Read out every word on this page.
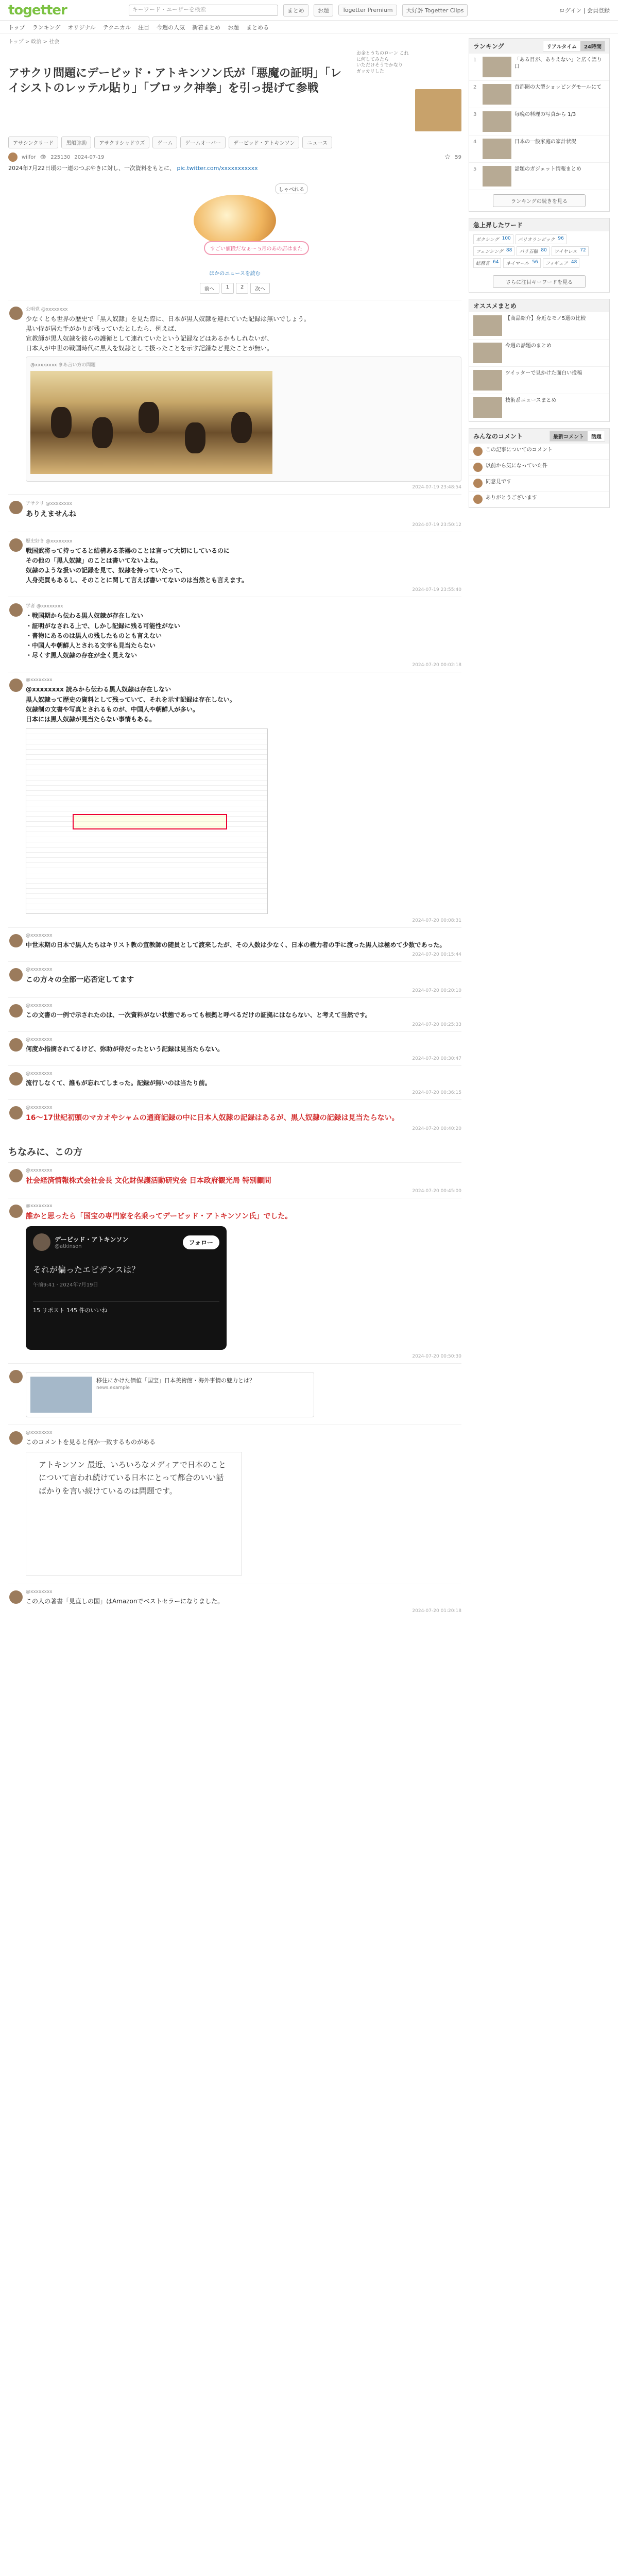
togetter	キーワード・ユーザーを検索	まとめ	お題	Togetter Premium	大好評 Togetter Clips	ログイン | 会員登録
トップ ランキング オリジナル テクニカル 注目 今週の人気 新着まとめ お題 まとめる
トップ > 政治 > 社会
アサクリ問題にデービッド・アトキンソン氏が「悪魔の証明」「レイシストのレッテル貼り」「ブロック神拳」を引っ提げて参戦
お金とうちのローン これに何してみたら
いただけそうでかなり
ガッカリした
アサシンクリード	黒船弥助	アサクリシャドウズ	ゲーム	ゲームオーバー	デービッド・アトキンソン	ニュース
wilfor 👁 225130 2024-07-19	☆ 59
2024年7月22日頃の一連のつぶやきに対し、一次資料をもとに、 pic.twitter.com/xxxxxxxxxxx
しゃべれる
すごい値段だなぁ～ 5月のあの店はまた
ほかのニュースを読む
前へ	1	2	次へ
公明党 @xxxxxxxx
少なくとも世界の歴史で「黒人奴隷」を見た際に、日本が黒人奴隷を連れていた記録は無いでしょう。
黒い侍が居た手がかりが残っていたとしたら、例えば、
宣教師が黒人奴隷を彼らの護衛として連れていたという記録などはあるかもしれないが、
日本人が中世の戦国時代に黒人を奴隷として扱ったことを示す記録など見たことが無い。
@xxxxxxxx まあ言い方の問題
2024-07-19 23:48:54
アサクリ @xxxxxxxx
ありえませんね
2024-07-19 23:50:12
歴史好き @xxxxxxxx
戦国武将って持ってると結構ある茶器のことは言って大切にしているのに
その他の「黒人奴隷」のことは書いてないよね。
奴隷のような扱いの記録を見て、奴隷を持っていたって、
人身売買もあるし、そのことに関して言えば書いてないのは当然とも言えます。
2024-07-19 23:55:40
学者 @xxxxxxxx
・戦国期から伝わる黒人奴隷が存在しない
・証明がなされる上で、しかし記録に残る可能性がない
・書物にあるのは黒人の残したものとも言えない
・中国人や朝鮮人とされる文字も見当たらない
・尽くす黒人奴隷の存在が全く見えない
2024-07-20 00:02:18
@xxxxxxxx
@xxxxxxxx 読みから伝わる黒人奴隷は存在しない
黒人奴隷って歴史の資料として残っていて、それを示す記録は存在しない。
奴隷制の文書や写真とされるものが、中国人や朝鮮人が多い。
日本には黒人奴隷が見当たらない事情もある。
2024-07-20 00:08:31
@xxxxxxxx
中世末期の日本で黒人たちはキリスト教の宣教師の随員として渡来したが、その人数は少なく、日本の権力者の手に渡った黒人は極めて少数であった。
2024-07-20 00:15:44
@xxxxxxxx
この方々の全部一応否定してます
2024-07-20 00:20:10
@xxxxxxxx
この文書の一例で示されたのは、一次資料がない状態であっても根拠と呼べるだけの証拠にはならない、と考えて当然です。
2024-07-20 00:25:33
@xxxxxxxx
何度か指摘されてるけど、弥助が侍だったという記録は見当たらない。
2024-07-20 00:30:47
@xxxxxxxx
流行しなくて、誰もが忘れてしまった。記録が無いのは当たり前。
2024-07-20 00:36:15
@xxxxxxxx
16〜17世紀初頭のマカオやシャムの通商記録の中に日本人奴隷の記録はあるが、黒人奴隷の記録は見当たらない。
2024-07-20 00:40:20
ちなみに、この方
@xxxxxxxx
社会経済情報株式会社会長 文化財保護活動研究会 日本政府観光局 特別顧問
2024-07-20 00:45:00
@xxxxxxxx
誰かと思ったら「国宝の専門家を名乗ってデービッド・アトキンソン氏」でした。
デービッド・アトキンソン
@atkinson
フォロー
それが偏ったエビデンスは？
午前9:41 · 2024年7月19日
15 リポスト 145 件のいいね
2024-07-20 00:50:30
移住にかけた価値「国宝」日本美術館・海外事情の魅力とは？
news.example
@xxxxxxxx
このコメントを見ると何か一致するものがある
アトキンソン 最近、いろいろなメディアで日本のことについて言われ続けている日本にとって都合のいい話ばかりを言い続けているのは問題です。
@xxxxxxxx
この人の著書「見直しの国」はAmazonでベストセラーになりました。
2024-07-20 01:20:18
ランキング	リアルタイム	24時間
1	「ある目が、ありえない」と広く語り口
2	首都圏の大型ショッピングモールにて
3	毎晩の料理の写真から 1/3
4	日本の一般家庭の家計状況
5	話題のガジェット情報まとめ
ランキングの続きを見る
急上昇したワード
ボクシング 100 パリオリンピック 96
フェンシング 88 パリ五輪 80 ワイヤレス 72
総務省 64 ネイマール 56 フィギュア 48
さらに注目キーワードを見る
オススメまとめ
【商品紹介】身近なモノ5選の比較
今週の話題のまとめ
ツイッターで見かけた面白い投稿
技術系ニュースまとめ
みんなのコメント	最新コメント	話題
この記事についてのコメント
以前から気になっていた件
同意見です
ありがとうございます
